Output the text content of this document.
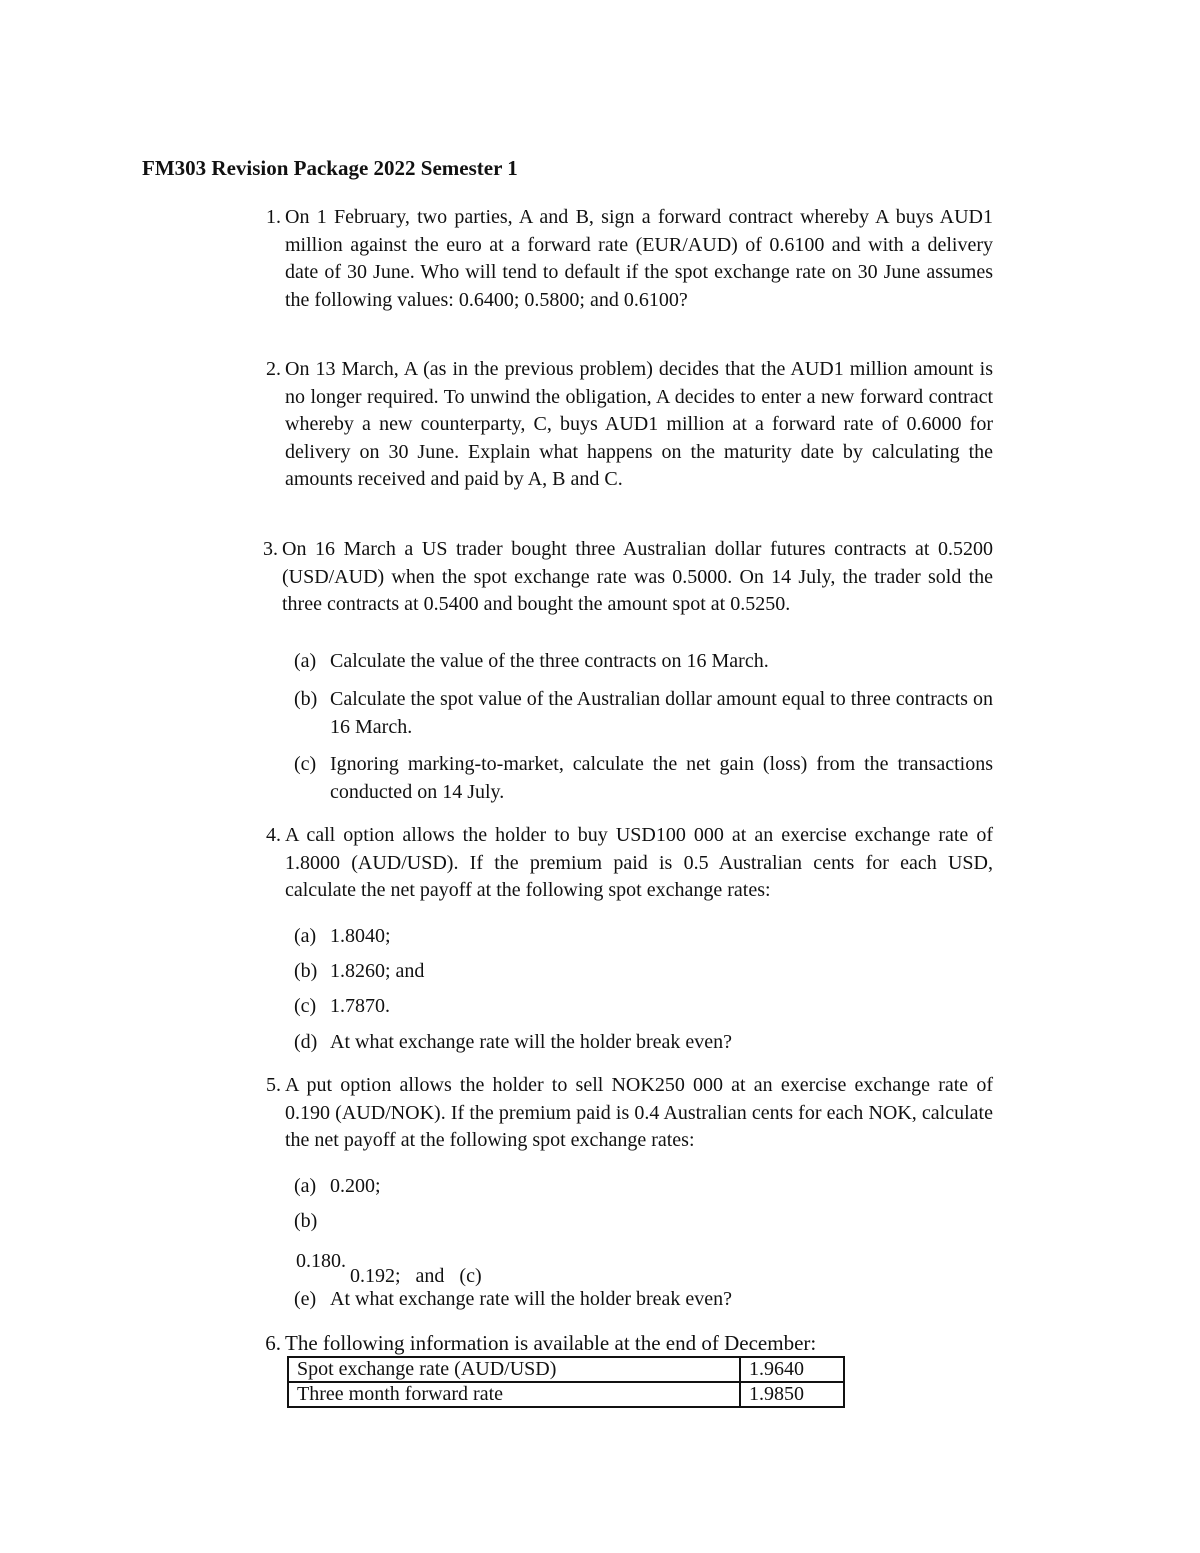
FM303 Revision Package 2022 Semester 1
1. On 1 February, two parties, A and B, sign a forward contract whereby A buys AUD1 million against the euro at a forward rate (EUR/AUD) of 0.6100 and with a delivery date of 30 June. Who will tend to default if the spot exchange rate on 30 June assumes the following values: 0.6400; 0.5800; and 0.6100?
2. On 13 March, A (as in the previous problem) decides that the AUD1 million amount is no longer required. To unwind the obligation, A decides to enter a new forward contract whereby a new counterparty, C, buys AUD1 million at a forward rate of 0.6000 for delivery on 30 June. Explain what happens on the maturity date by calculating the amounts received and paid by A, B and C.
3. On 16 March a US trader bought three Australian dollar futures contracts at 0.5200 (USD/AUD) when the spot exchange rate was 0.5000. On 14 July, the trader sold the three contracts at 0.5400 and bought the amount spot at 0.5250.
(a) Calculate the value of the three contracts on 16 March.
(b) Calculate the spot value of the Australian dollar amount equal to three contracts on 16 March.
(c) Ignoring marking-to-market, calculate the net gain (loss) from the transactions conducted on 14 July.
4. A call option allows the holder to buy USD100 000 at an exercise exchange rate of 1.8000 (AUD/USD). If the premium paid is 0.5 Australian cents for each USD, calculate the net payoff at the following spot exchange rates:
(a) 1.8040;
(b) 1.8260; and
(c) 1.7870.
(d) At what exchange rate will the holder break even?
5. A put option allows the holder to sell NOK250 000 at an exercise exchange rate of 0.190 (AUD/NOK). If the premium paid is 0.4 Australian cents for each NOK, calculate the net payoff at the following spot exchange rates:
(a) 0.200;

(b)

0.192;   and   (c)

0.180.
(e) At what exchange rate will the holder break even?
6. The following information is available at the end of December:
Spot exchange rate (AUD/USD)	1.9640
Three month forward rate	1.9850
